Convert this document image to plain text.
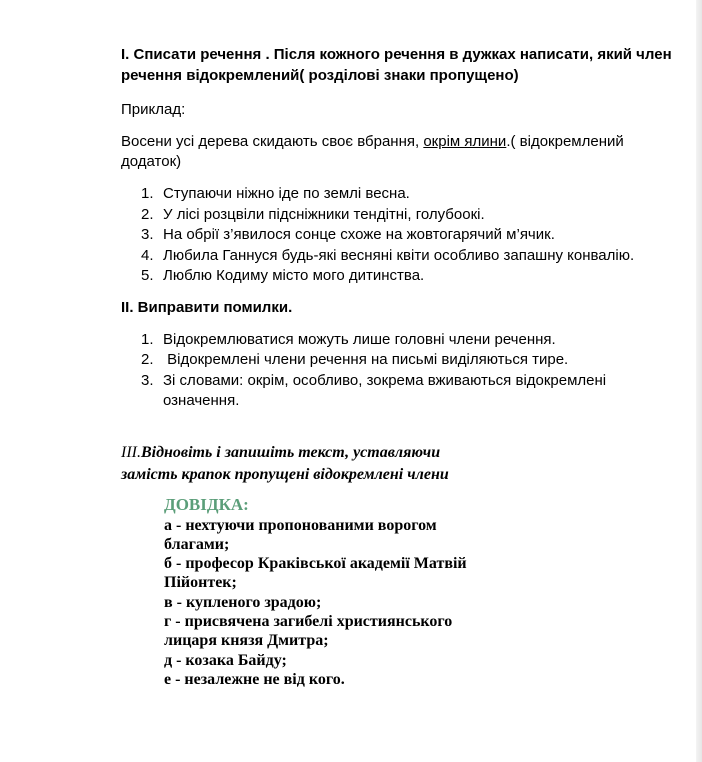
I. Списати речення . Після кожного речення в дужках написати, який член
речення відокремлений( розділові знаки пропущено)

Приклад:

Восени усі дерева скидають своє вбрання, окрім ялини.( відокремлений
додаток)

1. Ступаючи ніжно іде по землі весна.
2. У лісі розцвіли підсніжники тендітні, голубоокі.
3. На обрії з’явилося сонце схоже на жовтогарячий м’ячик.
4. Любила Ганнуся будь-які весняні квіти особливо запашну конвалію.
5. Люблю Кодиму місто мого дитинства.

II. Виправити помилки.

1. Відокремлюватися можуть лише головні члени речення.
2. Відокремлені члени речення на письмі виділяються тире.
3. Зі словами: окрім, особливо, зокрема вживаються відокремлені
означення.

ІІІ.Відновіть і запишіть текст, уставляючи
замість крапок пропущені відокремлені члени

ДОВІДКА:
а - нехтуючи пропонованими ворогом
благами;
б - професор Краківської академії Матвій
Пійонтек;
в - купленого зрадою;
г - присвячена загибелі християнського
лицаря князя Дмитра;
д - козака Байду;
е - незалежне не від кого.
